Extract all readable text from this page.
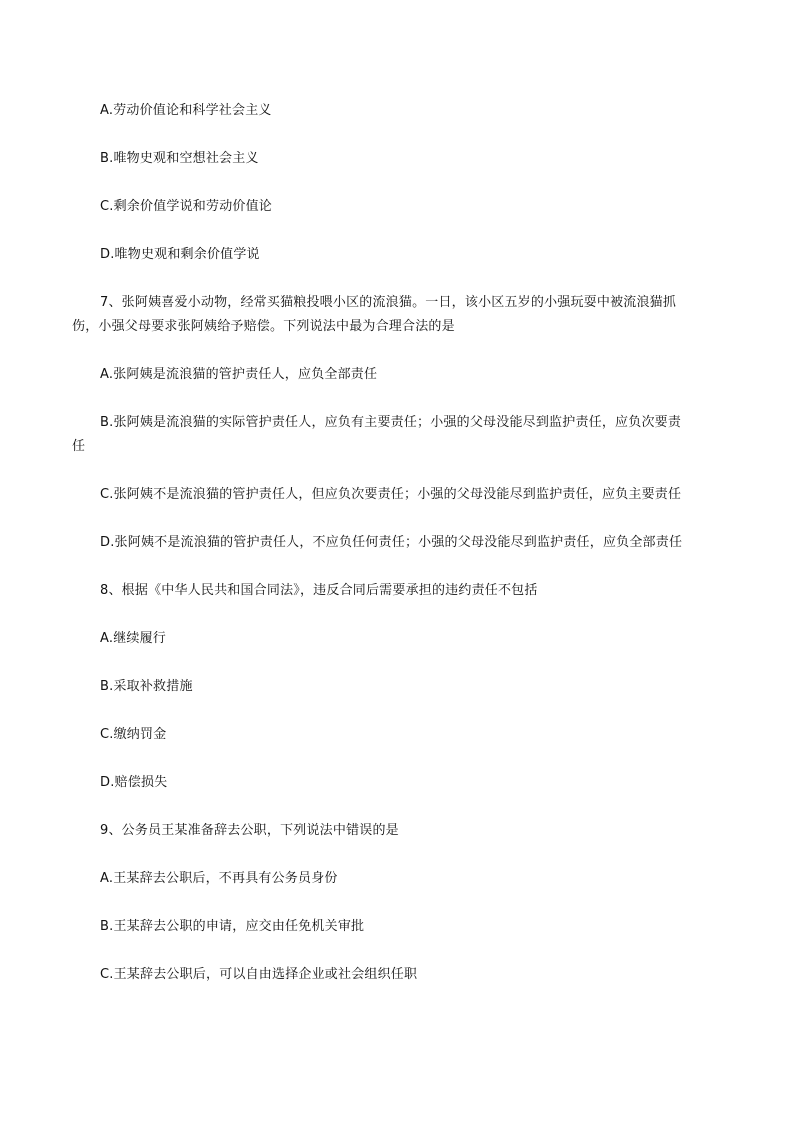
A.劳动价值论和科学社会主义
B.唯物史观和空想社会主义
C.剩余价值学说和劳动价值论
D.唯物史观和剩余价值学说
7、张阿姨喜爱小动物，经常买猫粮投喂小区的流浪猫。一日，该小区五岁的小强玩耍中被流浪猫抓
伤，小强父母要求张阿姨给予赔偿。下列说法中最为合理合法的是
A.张阿姨是流浪猫的管护责任人，应负全部责任
B.张阿姨是流浪猫的实际管护责任人，应负有主要责任；小强的父母没能尽到监护责任，应负次要责
任
C.张阿姨不是流浪猫的管护责任人，但应负次要责任；小强的父母没能尽到监护责任，应负主要责任
D.张阿姨不是流浪猫的管护责任人，不应负任何责任；小强的父母没能尽到监护责任，应负全部责任
8、根据《中华人民共和国合同法》，违反合同后需要承担的违约责任不包括
A.继续履行
B.采取补救措施
C.缴纳罚金
D.赔偿损失
9、公务员王某准备辞去公职，下列说法中错误的是
A.王某辞去公职后，不再具有公务员身份
B.王某辞去公职的申请，应交由任免机关审批
C.王某辞去公职后，可以自由选择企业或社会组织任职
